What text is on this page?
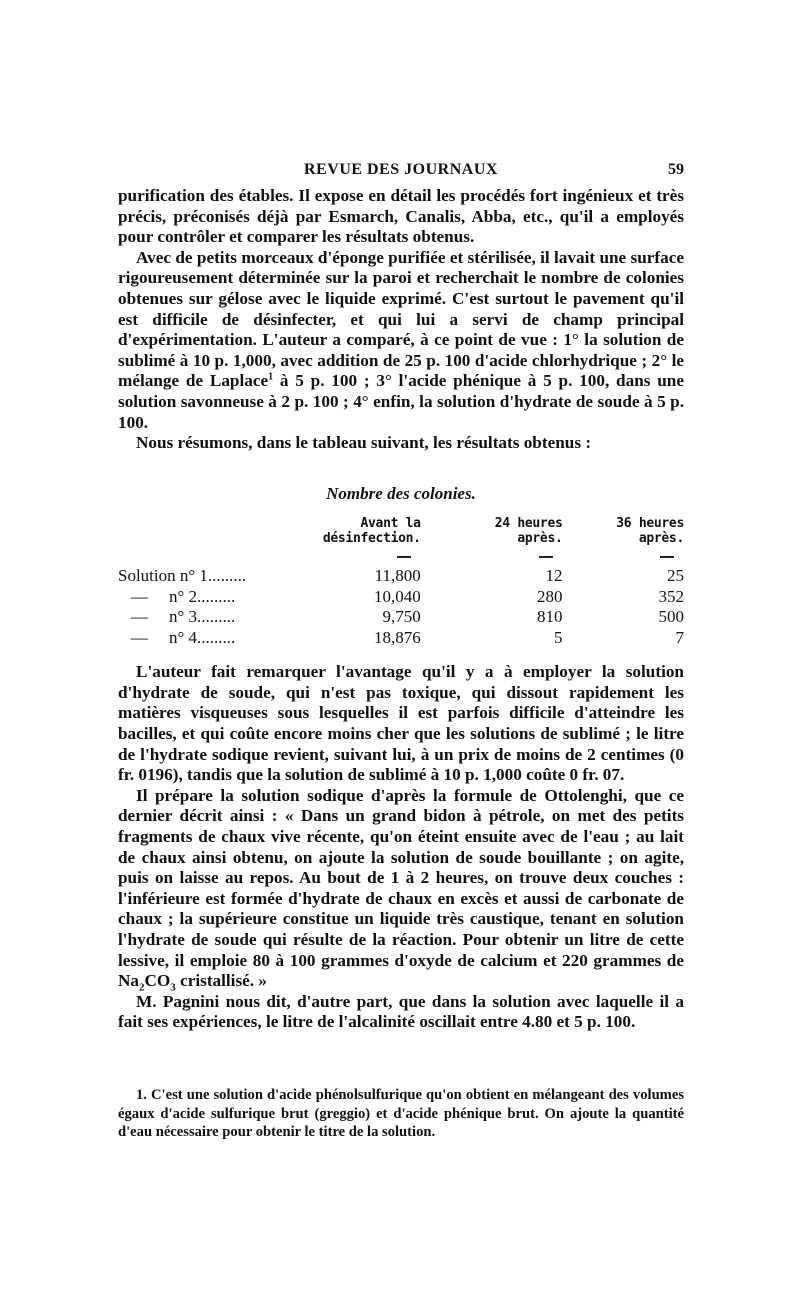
REVUE DES JOURNAUX	59

purification des étables. Il expose en détail les procédés fort ingénieux et très précis, préconisés déjà par Esmarch, Canalis, Abba, etc., qu'il a employés pour contrôler et comparer les résultats obtenus.

Avec de petits morceaux d'éponge purifiée et stérilisée, il lavait une surface rigoureusement déterminée sur la paroi et recherchait le nombre de colonies obtenues sur gélose avec le liquide exprimé. C'est surtout le pavement qu'il est difficile de désinfecter, et qui lui a servi de champ principal d'expérimentation. L'auteur a comparé, à ce point de vue : 1° la solution de sublimé à 10 p. 1,000, avec addition de 25 p. 100 d'acide chlorhydrique ; 2° le mélange de Laplace$^1$ à 5 p. 100 ; 3° l'acide phénique à 5 p. 100, dans une solution savonneuse à 2 p. 100 ; 4° enfin, la solution d'hydrate de soude à 5 p. 100.

Nous résumons, dans le tableau suivant, les résultats obtenus :

Nombre des colonies.
	Avant la désinfection.	24 heures après.	36 heures après.

Solution n° 1.........	11,800	12	25
—     n° 2.........	10,040	280	352
—     n° 3.........	9,750	810	500
—     n° 4.........	18,876	5	7

L'auteur fait remarquer l'avantage qu'il y a à employer la solution d'hydrate de soude, qui n'est pas toxique, qui dissout rapidement les matières visqueuses sous lesquelles il est parfois difficile d'atteindre les bacilles, et qui coûte encore moins cher que les solutions de sublimé ; le litre de l'hydrate sodique revient, suivant lui, à un prix de moins de 2 centimes (0 fr. 0196), tandis que la solution de sublimé à 10 p. 1,000 coûte 0 fr. 07.

Il prépare la solution sodique d'après la formule de Ottolenghi, que ce dernier décrit ainsi : « Dans un grand bidon à pétrole, on met des petits fragments de chaux vive récente, qu'on éteint ensuite avec de l'eau ; au lait de chaux ainsi obtenu, on ajoute la solution de soude bouillante ; on agite, puis on laisse au repos. Au bout de 1 à 2 heures, on trouve deux couches : l'inférieure est formée d'hydrate de chaux en excès et aussi de carbonate de chaux ; la supérieure constitue un liquide très caustique, tenant en solution l'hydrate de soude qui résulte de la réaction. Pour obtenir un litre de cette lessive, il emploie 80 à 100 grammes d'oxyde de calcium et 220 grammes de $Na_2CO_3$ cristallisé. »

M. Pagnini nous dit, d'autre part, que dans la solution avec laquelle il a fait ses expériences, le litre de l'alcalinité oscillait entre 4.80 et 5 p. 100.

1. C'est une solution d'acide phénolsulfurique qu'on obtient en mélangeant des volumes égaux d'acide sulfurique brut (greggio) et d'acide phénique brut. On ajoute la quantité d'eau nécessaire pour obtenir le titre de la solution.
